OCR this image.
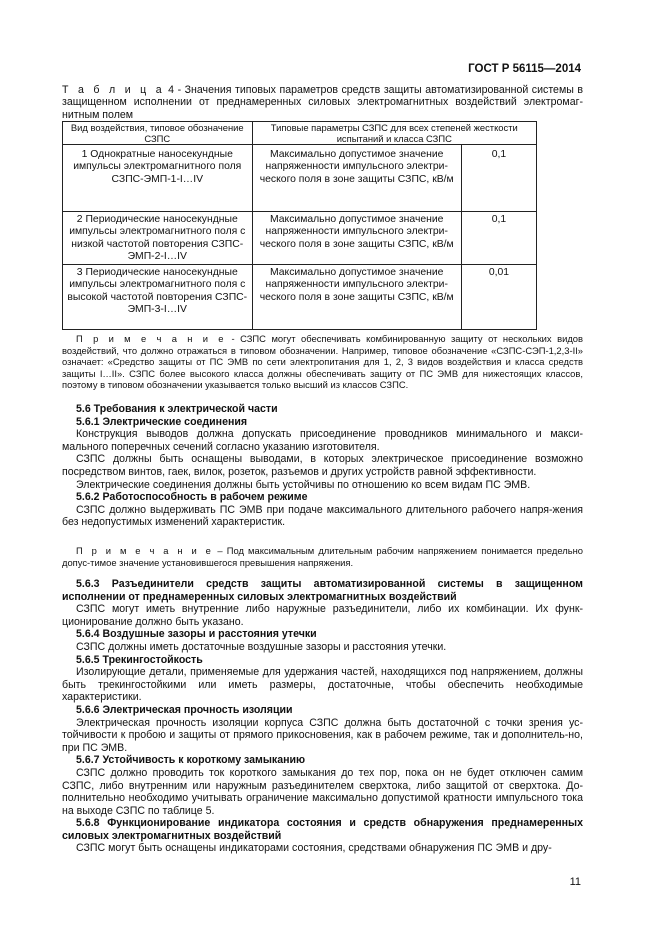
ГОСТ Р 56115—2014
Т а б л и ц а 4 - Значения типовых параметров средств защиты автоматизированной системы в защищенном исполнении от преднамеренных силовых электромагнитных воздействий электромаг-нитным полем
Вид воздействия, типовое обозначение СЗПС	Типовые параметры СЗПС для всех степеней жесткости испытаний и класса СЗПС	
1 Однократные наносекундные импульсы электромагнитного поля СЗПС-ЭМП-1-I…IV	Максимально допустимое значение напряженности импульсного электри-ческого поля в зоне защиты СЗПС, кВ/м	0,1
2 Периодические наносекундные импульсы электромагнитного поля с низкой частотой повторения СЗПС-ЭМП-2-I…IV	Максимально допустимое значение напряженности импульсного электри-ческого поля в зоне защиты СЗПС, кВ/м	0,1
3 Периодические наносекундные импульсы электромагнитного поля с высокой частотой повторения СЗПС-ЭМП-3-I…IV	Максимально допустимое значение напряженности импульсного электри-ческого поля в зоне защиты СЗПС, кВ/м	0,01
П р и м е ч а н и е - СЗПС могут обеспечивать комбинированную защиту от нескольких видов воздействий, что должно отражаться в типовом обозначении. Например, типовое обозначение «СЗПС-СЭП-1,2,3-II» означает: «Средство защиты от ПС ЭМВ по сети электропитания для 1, 2, 3 видов воздействия и класса средств защиты I…II». СЗПС более высокого класса должны обеспечивать защиту от ПС ЭМВ для нижестоящих классов, поэтому в типовом обозначении указывается только высший из классов СЗПС.

5.6 Требования к электрической части

5.6.1 Электрические соединения

Конструкция выводов должна допускать присоединение проводников минимального и макси-мального поперечных сечений согласно указанию изготовителя.

СЗПС должны быть оснащены выводами, в которых электрическое присоединение возможно посредством винтов, гаек, вилок, розеток, разъемов и других устройств равной эффективности.

Электрические соединения должны быть устойчивы по отношению ко всем видам ПС ЭМВ.

5.6.2 Работоспособность в рабочем режиме

СЗПС должно выдерживать ПС ЭМВ при подаче максимального длительного рабочего напря-жения без недопустимых изменений характеристик.

П р и м е ч а н и е – Под максимальным длительным рабочим напряжением понимается предельно допус-тимое значение установившегося превышения напряжения.

5.6.3 Разъединители средств защиты автоматизированной системы в защищенном исполнении от преднамеренных силовых электромагнитных воздействий

СЗПС могут иметь внутренние либо наружные разъединители, либо их комбинации. Их функ-ционирование должно быть указано.

5.6.4 Воздушные зазоры и расстояния утечки

СЗПС должны иметь достаточные воздушные зазоры и расстояния утечки.

5.6.5 Трекингостойкость

Изолирующие детали, применяемые для удержания частей, находящихся под напряжением, должны быть трекингостойкими или иметь размеры, достаточные, чтобы обеспечить необходимые характеристики.

5.6.6 Электрическая прочность изоляции

Электрическая прочность изоляции корпуса СЗПС должна быть достаточной с точки зрения ус-тойчивости к пробою и защиты от прямого прикосновения, как в рабочем режиме, так и дополнитель-но, при ПС ЭМВ.

5.6.7 Устойчивость к короткому замыканию

СЗПС должно проводить ток короткого замыкания до тех пор, пока он не будет отключен самим СЗПС, либо внутренним или наружным разъединителем сверхтока, либо защитой от сверхтока. До-полнительно необходимо учитывать ограничение максимально допустимой кратности импульсного тока на выходе СЗПС по таблице 5.

5.6.8 Функционирование индикатора состояния и средств обнаружения преднамеренных силовых электромагнитных воздействий

СЗПС могут быть оснащены индикаторами состояния, средствами обнаружения ПС ЭМВ и дру-

11
